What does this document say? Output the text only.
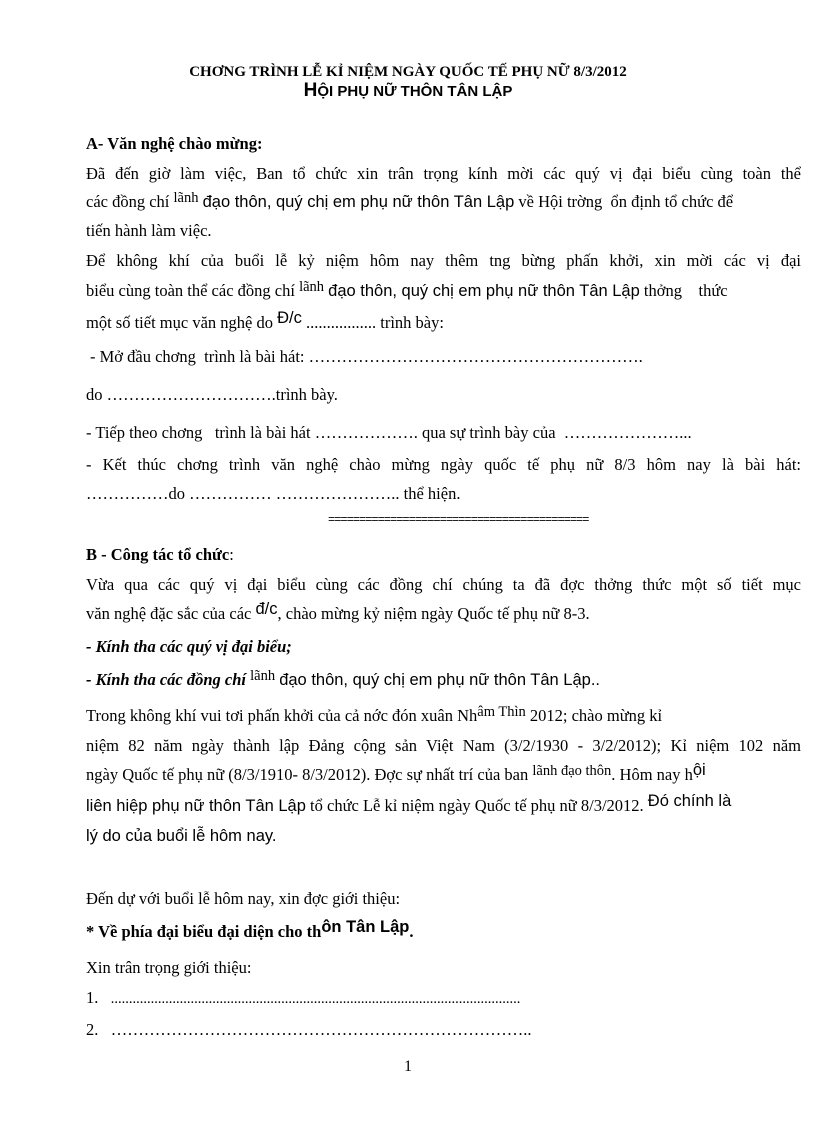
CHƠNG TRÌNH LỄ KỈ NIỆM NGÀY QUỐC TẾ PHỤ NỮ 8/3/2012
HỘI PHỤ NỮ THÔN TÂN LẬP
A- Văn nghệ chào mừng:
Đã đến giờ làm việc, Ban tổ chức xin trân trọng kính mời các quý vị đại biểu cùng toàn thể
các đồng chí lãnh đạo thôn, quý chị em phụ nữ thôn Tân Lập về Hội trờng ổn định tổ chức để
tiến hành làm việc.
Để không khí của buổi lễ kỷ niệm hôm nay thêm tng bừng phấn khởi, xin mời các vị đại
biểu cùng toàn thể các đồng chí lãnh đạo thôn, quý chị em phụ nữ thôn Tân Lập thởng thức
một số tiết mục văn nghệ do Đ/c ................. trình bày:
- Mở đầu chơng trình là bài hát: …………………………………………………….
do ………………………….trình bày.
- Tiếp theo chơng trình là bài hát ………………. qua sự trình bày của …………………...
- Kết thúc chơng trình văn nghệ chào mừng ngày quốc tế phụ nữ 8/3 hôm nay là bài hát:
……………do …………… ………………….. thể hiện.
==========================================
B - Công tác tổ chức:
Vừa qua các quý vị đại biểu cùng các đồng chí chúng ta đã đợc thởng thức một số tiết mục
văn nghệ đặc sắc của các đ/c, chào mừng kỷ niệm ngày Quốc tế phụ nữ 8-3.
- Kính tha các quý vị đại biểu;
- Kính tha các đồng chí lãnh đạo thôn, quý chị em phụ nữ thôn Tân Lập..
Trong không khí vui tơi phấn khởi của cả nớc đón xuân Nhâm Thìn 2012; chào mừng kỉ
niệm 82 năm ngày thành lập Đảng cộng sản Việt Nam (3/2/1930 - 3/2/2012); Kỉ niệm 102 năm
ngày Quốc tế phụ nữ (8/3/1910- 8/3/2012). Đợc sự nhất trí của ban lãnh đạo thôn. Hôm nay hội
liên hiệp phụ nữ thôn Tân Lập tổ chức Lễ kỉ niệm ngày Quốc tế phụ nữ 8/3/2012. Đó chính là
lý do của buổi lễ hôm nay.
Đến dự với buổi lễ hôm nay, xin đợc giới thiệu:
* Về phía đại biểu đại diện cho thôn Tân Lập.
Xin trân trọng giới thiệu:
1. .................................................................................................................
2. …………………………………………………………………..
1
